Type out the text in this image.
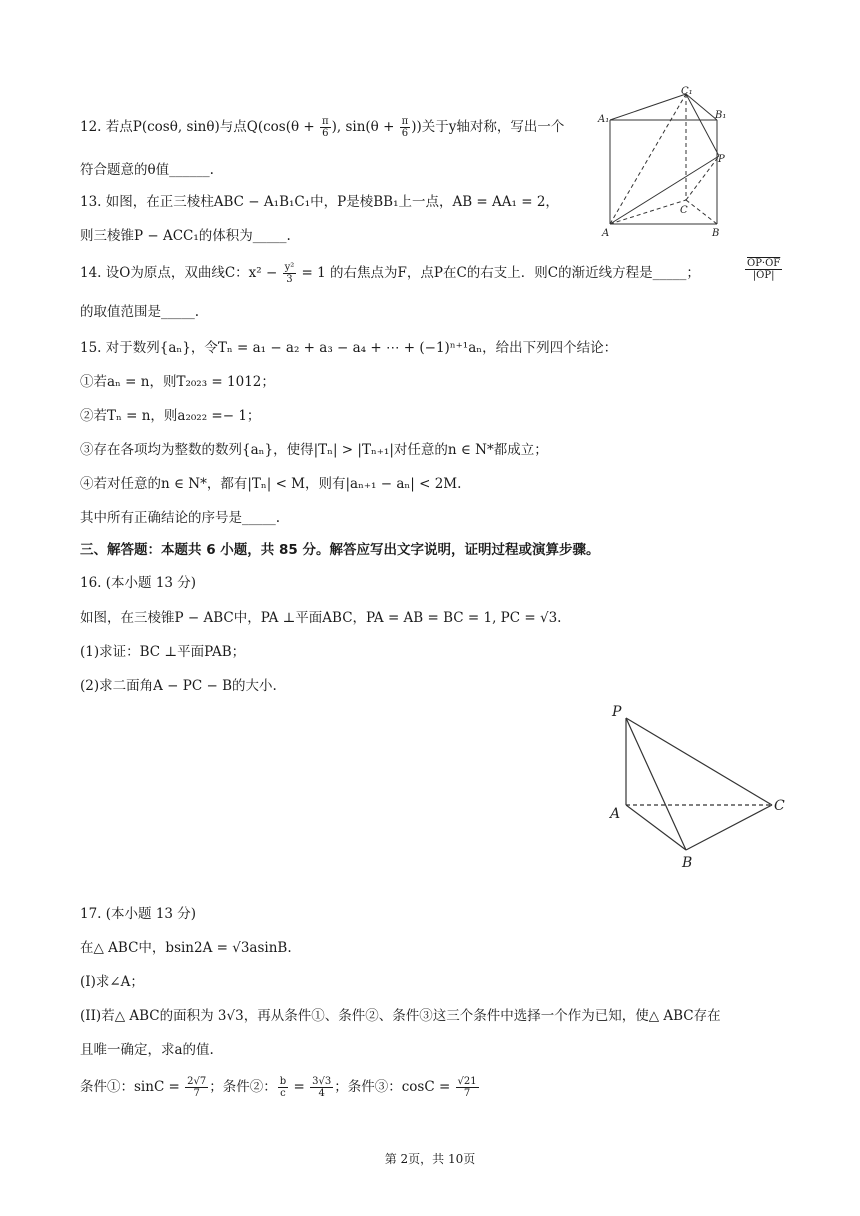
12. 若点P(cosθ, sinθ)与点$Q(\cos(\theta + \frac{\pi}{6}$ ), $\sin(\theta + \frac{\pi}{6}$ ))关于y轴对称，写出一个
符合题意的θ值______.
13. 如图，在正三棱柱ABC − A₁B₁C₁中，P是棱BB₁上一点，AB = AA₁ = 2，
则三棱锥P − ACC₁的体积为_____.
14. 设O为原点，双曲线C：$x^2 - \frac{\text{y²}}{3} = 1$ 的右焦点为F，点P在C的右支上．则C的渐近线方程是_____；	$\frac{OP\cdot OF}{|OP|}$
的取值范围是_____.
15. 对于数列{aₙ}，令Tₙ = a₁ − a₂ + a₃ − a₄ + ⋯ + (−1)ⁿ⁺¹aₙ，给出下列四个结论：
①若aₙ = n，则T₂₀₂₃ = 1012；
②若Tₙ = n，则a₂₀₂₂ =− 1；
③存在各项均为整数的数列{aₙ}，使得|Tₙ| > |Tₙ₊₁|对任意的n ∈ N*都成立；
④若对任意的n ∈ N*，都有|Tₙ| < M，则有|aₙ₊₁ − aₙ| < 2M.
其中所有正确结论的序号是_____.
三、解答题：本题共 6 小题，共 85 分。解答应写出文字说明，证明过程或演算步骤。
16. (本小题 13 分)
如图，在三棱锥P − ABC中，PA ⊥平面ABC，PA = AB = BC = 1, PC = √3.
(1)求证：BC ⊥平面PAB；
(2)求二面角A − PC − B的大小.
17. (本小题 13 分)
在△ ABC中，bsin2A = √3asinB.
(I)求∠A；
(II)若△ ABC的面积为 3√3，再从条件①、条件②、条件③这三个条件中选择一个作为已知，使△ ABC存在
且唯一确定，求a的值.
条件①：$\sin C = \frac{2√7}{7}$ ；条件②： $\frac{b}{c} = \frac{3√3}{4}$ ；条件③：$\cos C = \frac{√21}{7}$
A₁
C₁
B₁
P
C
A	B
P
A
B
C
第 2页，共 10页
